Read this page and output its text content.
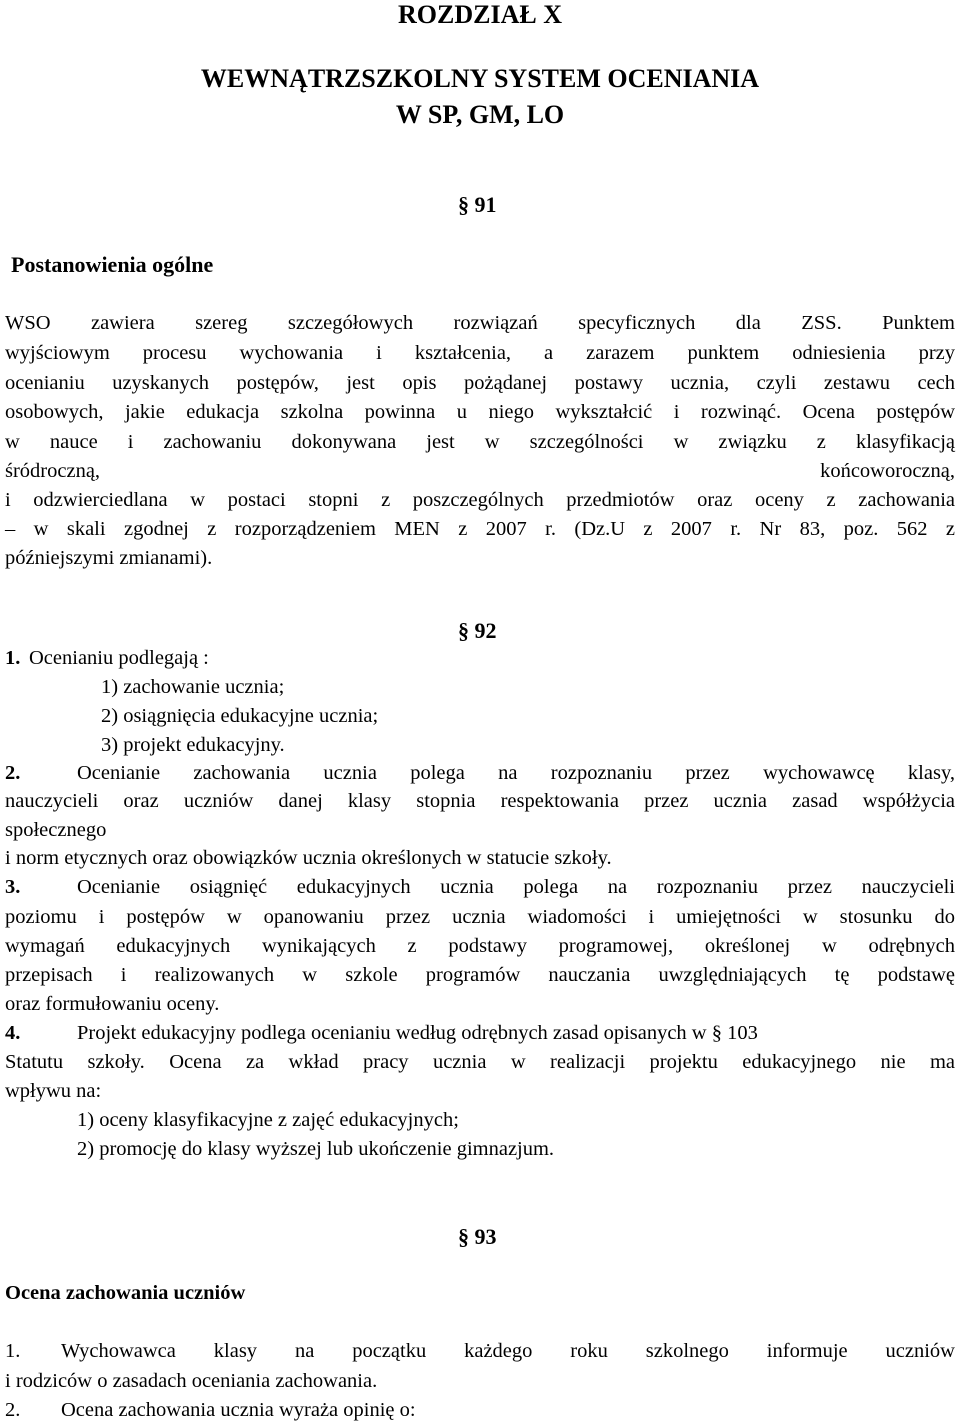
ROZDZIAŁ X
WEWNĄTRZSZKOLNY SYSTEM OCENIANIA
W SP, GM, LO
§ 91
Postanowienia ogólne
WSO zawiera szereg szczegółowych rozwiązań specyficznych dla ZSS. Punktem
wyjściowym procesu wychowania i kształcenia, a zarazem punktem odniesienia przy
ocenianiu uzyskanych postępów, jest opis pożądanej postawy ucznia, czyli zestawu cech
osobowych, jakie edukacja szkolna powinna u niego wykształcić i rozwinąć. Ocena postępów
w nauce i zachowaniu dokonywana jest w szczególności w związku z klasyfikacją
śródroczną, końcoworoczną,
i odzwierciedlana w postaci stopni z poszczególnych przedmiotów oraz oceny z zachowania
– w skali zgodnej z rozporządzeniem MEN z 2007 r. (Dz.U z 2007 r. Nr 83, poz. 562 z
późniejszymi zmianami).
§ 92
1. Ocenianiu podlegają :
1) zachowanie ucznia;
2) osiągnięcia edukacyjne ucznia;
3) projekt edukacyjny.
2.	Ocenianie zachowania ucznia polega na rozpoznaniu przez wychowawcę klasy,
nauczycieli oraz uczniów danej klasy stopnia respektowania przez ucznia zasad współżycia
społecznego
i norm etycznych oraz obowiązków ucznia określonych w statucie szkoły.
3.	Ocenianie osiągnięć edukacyjnych ucznia polega na rozpoznaniu przez nauczycieli
poziomu i postępów w opanowaniu przez ucznia wiadomości i umiejętności w stosunku do
wymagań edukacyjnych wynikających z podstawy programowej, określonej w odrębnych
przepisach i realizowanych w szkole programów nauczania uwzględniających tę podstawę
oraz formułowaniu oceny.
4.	Projekt edukacyjny podlega ocenianiu według odrębnych zasad opisanych w § 103
Statutu szkoły. Ocena za wkład pracy ucznia w realizacji projektu edukacyjnego nie ma
wpływu na:
1) oceny klasyfikacyjne z zajęć edukacyjnych;
2) promocję do klasy wyższej lub ukończenie gimnazjum.
§ 93
Ocena zachowania uczniów
1. Wychowawca klasy na początku każdego roku szkolnego informuje uczniów
i rodziców o zasadach oceniania zachowania.
2. Ocena zachowania ucznia wyraża opinię o:
